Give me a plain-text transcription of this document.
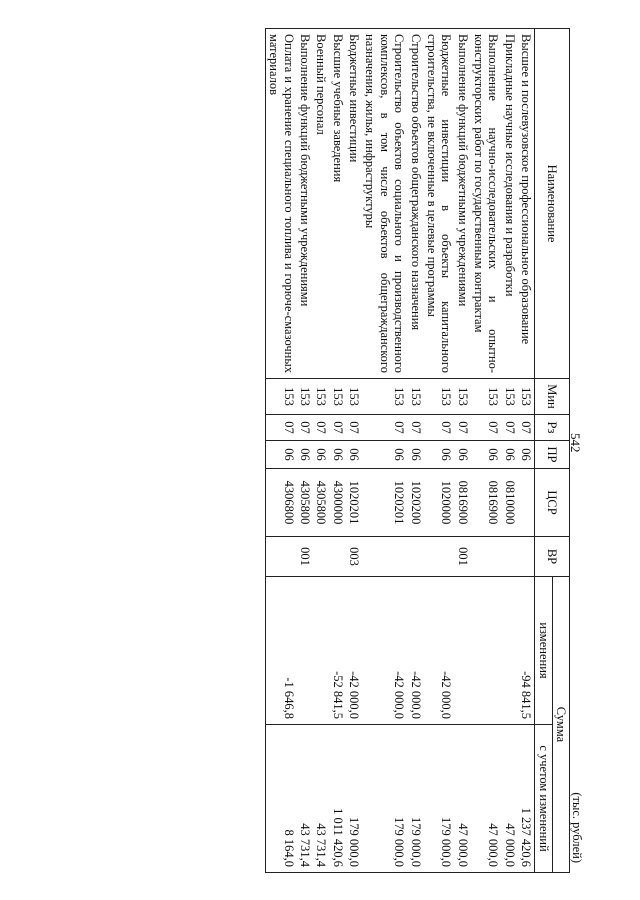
542
(тыс. рублей)
Наименование	Мин	Рз	ПР	ЦСР	ВР	Сумма	
						изменения	с учетом изменений
Высшее и послевузовское профессиональное образование	153	07	06			-94 841,5	1 237 420,6
Прикладные научные исследования и разработки	153	07	06	0810000			47 000,0
Выполнение научно-исследовательских и опытно-конструкторских работ по государственным контрактам	153	07	06	0816900			47 000,0
Выполнение функций бюджетными учреждениями	153	07	06	0816900	001		47 000,0
Бюджетные инвестиции в объекты капитального строительства, не включенные в целевые программы	153	07	06	1020000		-42 000,0	179 000,0
Строительство объектов общегражданского назначения	153	07	06	1020200		-42 000,0	179 000,0
Строительство объектов социального и производственного комплексов, в том числе объектов общегражданского назначения, жилья, инфраструктуры	153	07	06	1020201		-42 000,0	179 000,0
Бюджетные инвестиции	153	07	06	1020201	003	-42 000,0	179 000,0
Высшие учебные заведения	153	07	06	4300000		-52 841,5	1 011 420,6
Военный персонал	153	07	06	4305800			43 731,4
Выполнение функций бюджетными учреждениями	153	07	06	4305800	001		43 731,4
Оплата и хранение специального топлива и горюче-смазочных материалов	153	07	06	4306800		-1 646,8	8 164,0
